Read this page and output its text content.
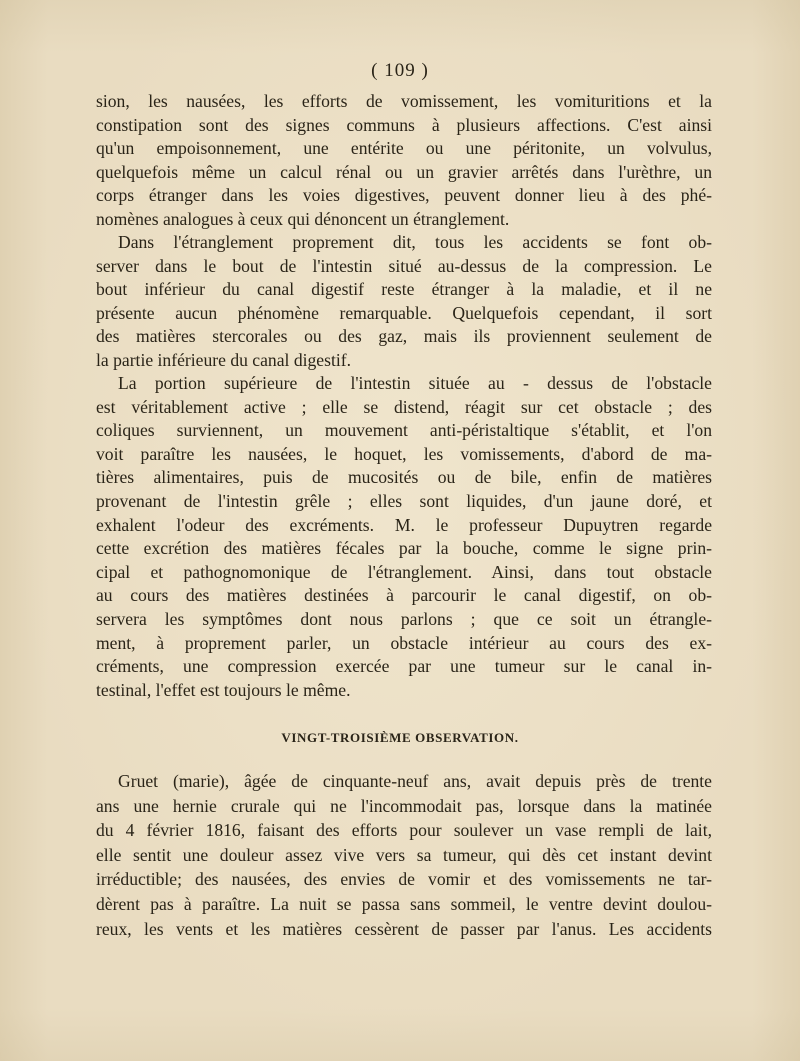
( 109 )
sion, les nausées, les efforts de vomissement, les vomituritions et la
constipation sont des signes communs à plusieurs affections. C'est ainsi
qu'un empoisonnement, une entérite ou une péritonite, un volvulus,
quelquefois même un calcul rénal ou un gravier arrêtés dans l'urèthre, un
corps étranger dans les voies digestives, peuvent donner lieu à des phé-
nomènes analogues à ceux qui dénoncent un étranglement.
Dans l'étranglement proprement dit, tous les accidents se font ob-
server dans le bout de l'intestin situé au-dessus de la compression. Le
bout inférieur du canal digestif reste étranger à la maladie, et il ne
présente aucun phénomène remarquable. Quelquefois cependant, il sort
des matières stercorales ou des gaz, mais ils proviennent seulement de
la partie inférieure du canal digestif.
La portion supérieure de l'intestin située au - dessus de l'obstacle
est véritablement active ; elle se distend, réagit sur cet obstacle ; des
coliques surviennent, un mouvement anti-péristaltique s'établit, et l'on
voit paraître les nausées, le hoquet, les vomissements, d'abord de ma-
tières alimentaires, puis de mucosités ou de bile, enfin de matières
provenant de l'intestin grêle ; elles sont liquides, d'un jaune doré, et
exhalent l'odeur des excréments. M. le professeur Dupuytren regarde
cette excrétion des matières fécales par la bouche, comme le signe prin-
cipal et pathognomonique de l'étranglement. Ainsi, dans tout obstacle
au cours des matières destinées à parcourir le canal digestif, on ob-
servera les symptômes dont nous parlons ; que ce soit un étrangle-
ment, à proprement parler, un obstacle intérieur au cours des ex-
créments, une compression exercée par une tumeur sur le canal in-
testinal, l'effet est toujours le même.
VINGT-TROISIÈME OBSERVATION.
Gruet (marie), âgée de cinquante-neuf ans, avait depuis près de trente
ans une hernie crurale qui ne l'incommodait pas, lorsque dans la matinée
du 4 février 1816, faisant des efforts pour soulever un vase rempli de lait,
elle sentit une douleur assez vive vers sa tumeur, qui dès cet instant devint
irréductible; des nausées, des envies de vomir et des vomissements ne tar-
dèrent pas à paraître. La nuit se passa sans sommeil, le ventre devint doulou-
reux, les vents et les matières cessèrent de passer par l'anus. Les accidents
